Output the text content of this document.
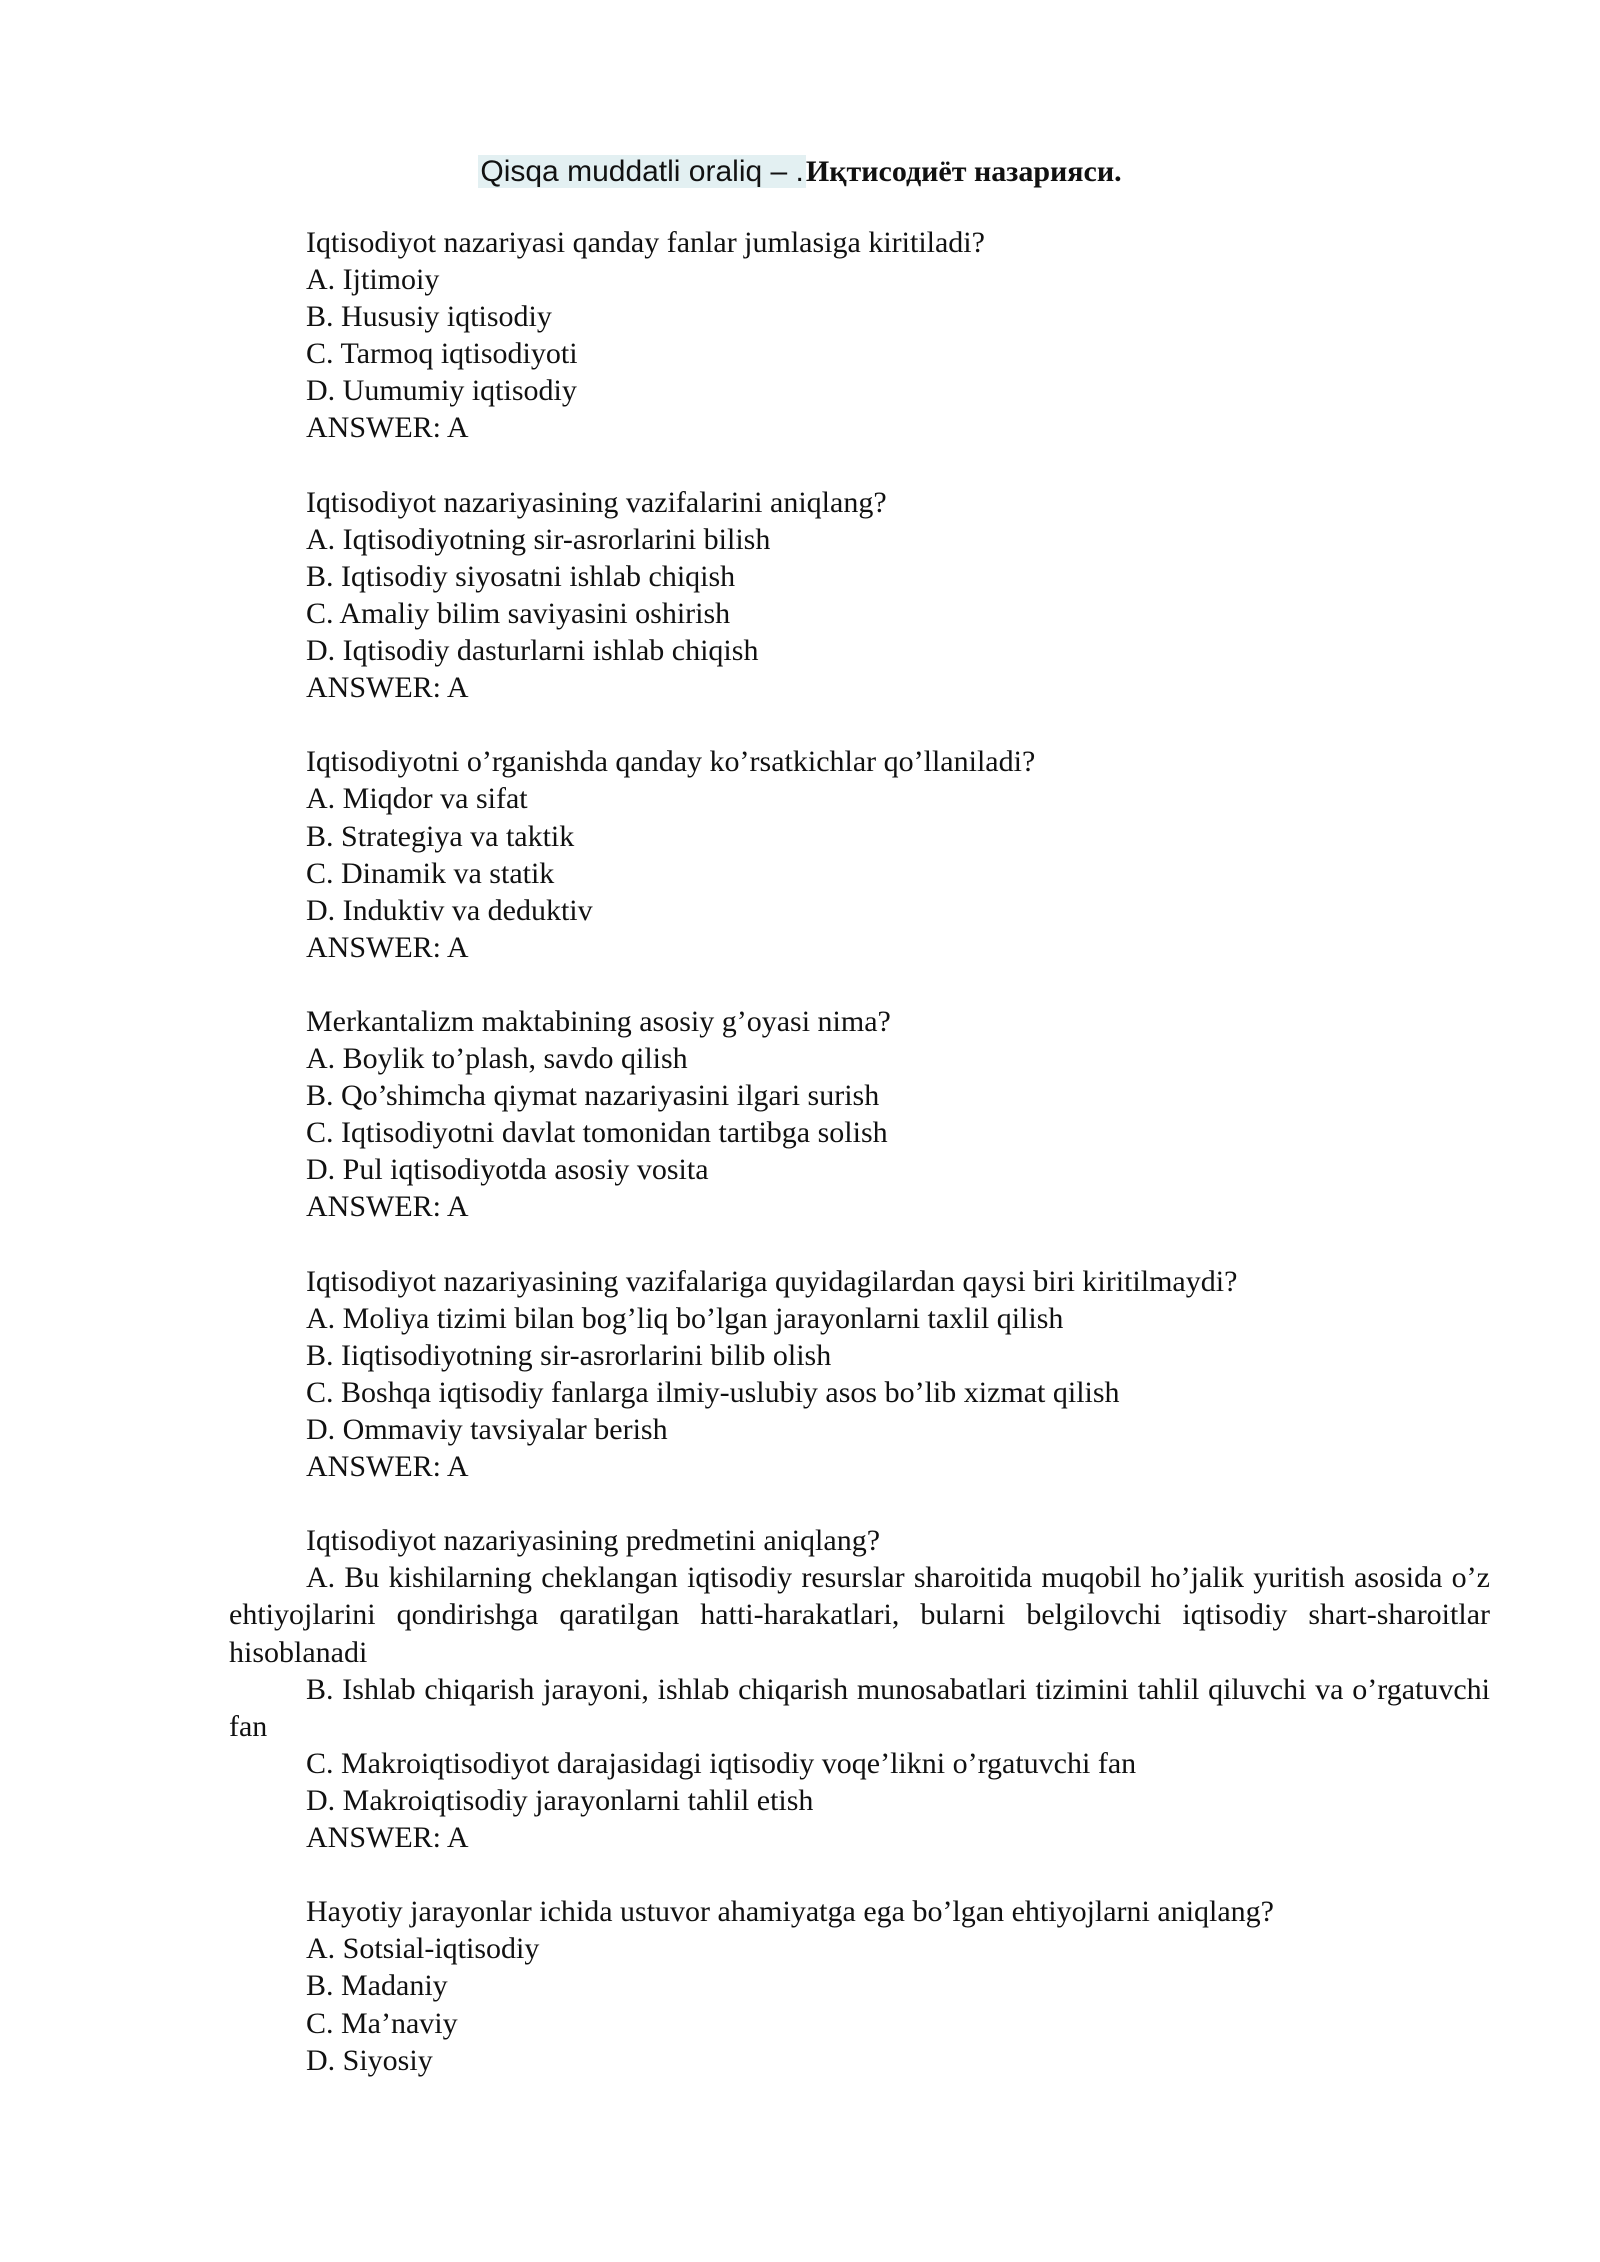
Qisqa muddatli oraliq – .Иқтисодиёт назарияси.
Iqtisodiyot nazariyasi qanday fanlar jumlasiga kiritiladi?
A. Ijtimoiy
B. Hususiy iqtisodiy
C. Tarmoq iqtisodiyoti
D. Uumumiy iqtisodiy
ANSWER: A
Iqtisodiyot nazariyasining vazifalarini aniqlang?
A. Iqtisodiyotning sir-asrorlarini bilish
B. Iqtisodiy siyosatni ishlab chiqish
C. Amaliy bilim saviyasini oshirish
D. Iqtisodiy dasturlarni ishlab chiqish
ANSWER: A
Iqtisodiyotni o’rganishda qanday ko’rsatkichlar qo’llaniladi?
A. Miqdor va sifat
B. Strategiya va taktik
C. Dinamik va statik
D. Induktiv va deduktiv
ANSWER: A
Merkantalizm maktabining asosiy g’oyasi nima?
A. Boylik to’plash, savdo qilish
B. Qo’shimcha qiymat nazariyasini ilgari surish
C. Iqtisodiyotni davlat tomonidan tartibga solish
D. Pul iqtisodiyotda asosiy vosita
ANSWER: A
Iqtisodiyot nazariyasining vazifalariga quyidagilardan qaysi biri kiritilmaydi?
A. Moliya tizimi bilan bog’liq bo’lgan jarayonlarni taxlil qilish
B. Iiqtisodiyotning sir-asrorlarini bilib olish
C. Boshqa iqtisodiy fanlarga ilmiy-uslubiy asos bo’lib xizmat qilish
D. Ommaviy tavsiyalar berish
ANSWER: A
Iqtisodiyot nazariyasining predmetini aniqlang?
A. Bu kishilarning cheklangan iqtisodiy resurslar sharoitida muqobil ho’jalik yuritish asosida o’z ehtiyojlarini qondirishga qaratilgan hatti-harakatlari, bularni belgilovchi iqtisodiy shart-sharoitlar hisoblanadi
B. Ishlab chiqarish jarayoni, ishlab chiqarish munosabatlari tizimini tahlil qiluvchi va o’rgatuvchi fan
C. Makroiqtisodiyot darajasidagi iqtisodiy voqe’likni o’rgatuvchi fan
D. Makroiqtisodiy jarayonlarni tahlil etish
ANSWER: A
Hayotiy jarayonlar ichida ustuvor ahamiyatga ega bo’lgan ehtiyojlarni aniqlang?
A. Sotsial-iqtisodiy
B. Madaniy
C. Ma’naviy
D. Siyosiy
